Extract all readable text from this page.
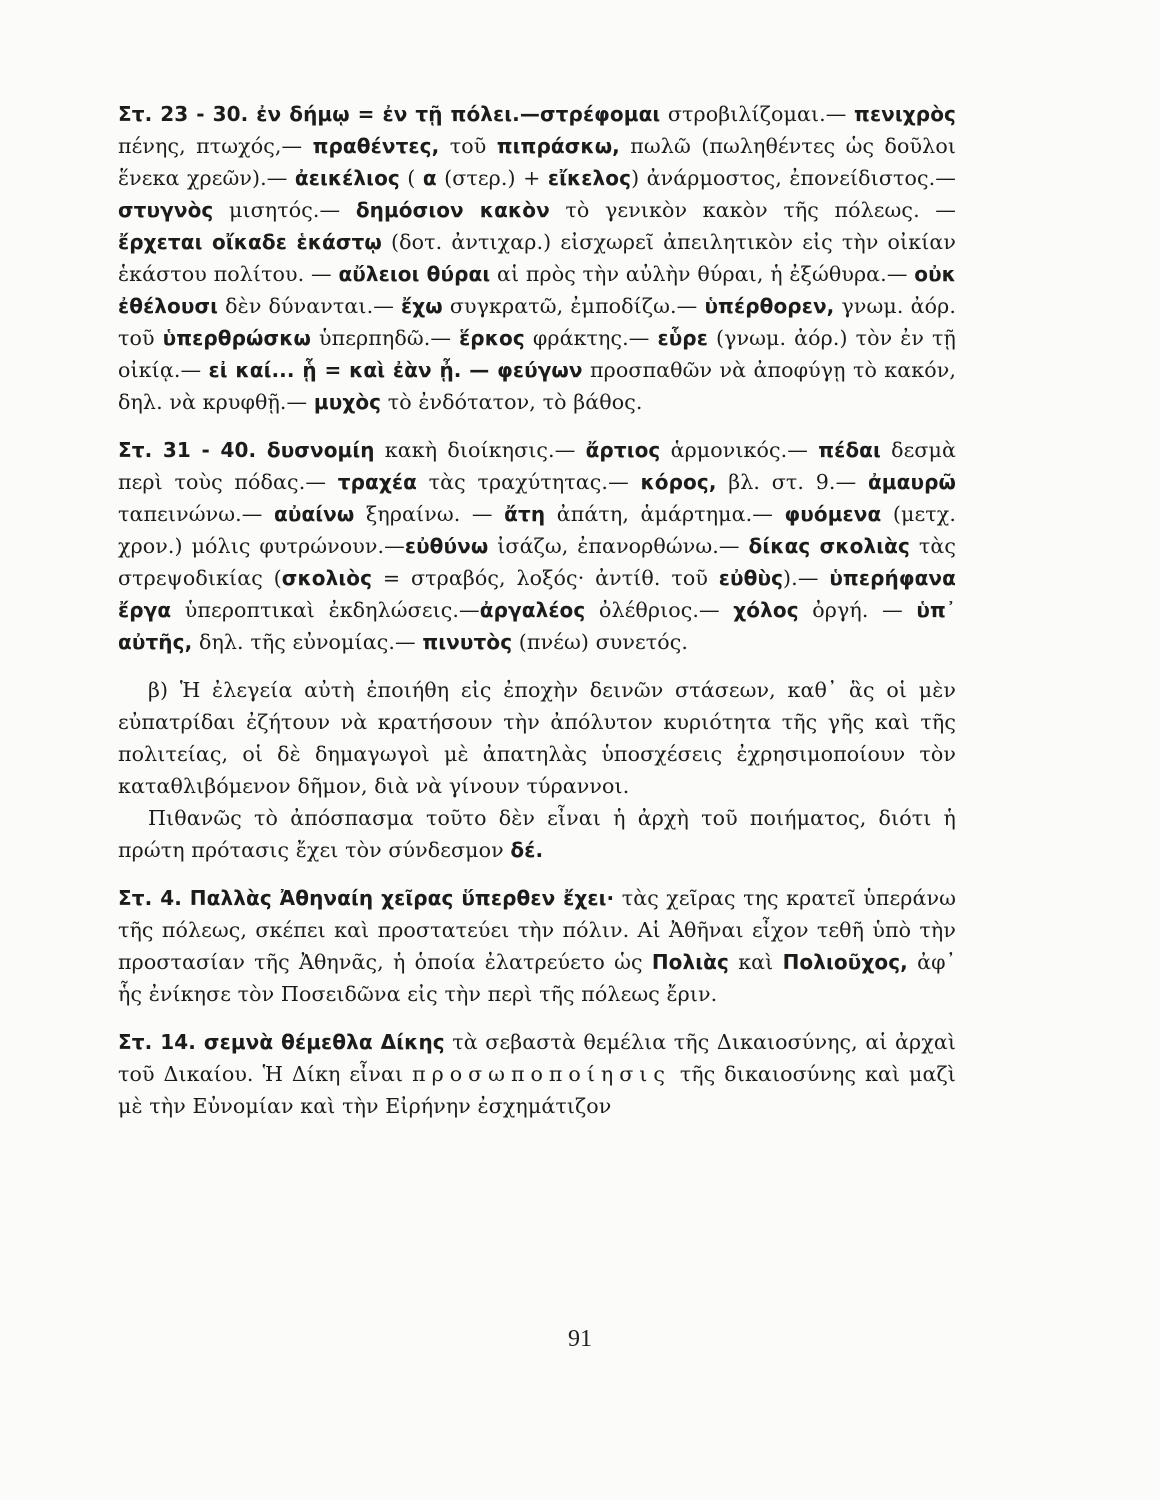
Στ. 23 - 30. ἐν δήμῳ = ἐν τῇ πόλει.—στρέφομαι στροβιλίζομαι.— πενιχρὸς πένης, πτωχός,— πραθέντες, τοῦ πιπράσκω, πωλῶ (πωληθέντες ὡς δοῦλοι ἕνεκα χρεῶν).— ἀεικέλιος ( α (στερ.) + εἴκελος) ἀνάρμοστος, ἐπονείδιστος.— στυγνὸς μισητός.— δημόσιον κακὸν τὸ γενικὸν κακὸν τῆς πόλεως. — ἔρχεται οἴκαδε ἑκάστῳ (δοτ. ἀντιχαρ.) εἰσχωρεῖ ἀπειλητικὸν εἰς τὴν οἰκίαν ἑκάστου πολίτου. — αὔλειοι θύραι αἱ πρὸς τὴν αὐλὴν θύραι, ἡ ἐξώθυρα.— οὐκ ἐθέλουσι δὲν δύνανται.— ἔχω συγκρατῶ, ἐμποδίζω.— ὑπέρθορεν, γνωμ. ἀόρ. τοῦ ὑπερθρώσκω ὑπερπηδῶ.— ἕρκος φράκτης.— εὗρε (γνωμ. ἀόρ.) τὸν ἐν τῇ οἰκίᾳ.— εἰ καί... ᾗ = καὶ ἐὰν ᾖ. — φεύγων προσπαθῶν νὰ ἀποφύγῃ τὸ κακόν, δηλ. νὰ κρυφθῇ.— μυχὸς τὸ ἐνδότατον, τὸ βάθος.

Στ. 31 - 40. δυσνομίη κακὴ διοίκησις.— ἄρτιος ἁρμονικός.— πέδαι δεσμὰ περὶ τοὺς πόδας.— τραχέα τὰς τραχύτητας.— κόρος, βλ. στ. 9.— ἀμαυρῶ ταπεινώνω.— αὐαίνω ξηραίνω. — ἄτη ἀπάτη, ἁμάρτημα.— φυόμενα (μετχ. χρον.) μόλις φυτρώνουν.—εὐθύνω ἰσάζω, ἐπανορθώνω.— δίκας σκολιὰς τὰς στρεψοδικίας (σκολιὸς = στραβός, λοξός· ἀντίθ. τοῦ εὐθὺς).— ὑπερήφανα ἔργα ὑπεροπτικαὶ ἐκδηλώσεις.—ἀργαλέος ὀλέθριος.— χόλος ὀργή. — ὑπ᾽ αὐτῆς, δηλ. τῆς εὐνομίας.— πινυτὸς (πνέω) συνετός.

β) Ἡ ἐλεγεία αὐτὴ ἐποιήθη εἰς ἐποχὴν δεινῶν στάσεων, καθ᾽ ἃς οἱ μὲν εὐπατρίδαι ἐζήτουν νὰ κρατήσουν τὴν ἀπόλυτον κυριότητα τῆς γῆς καὶ τῆς πολιτείας, οἱ δὲ δημαγωγοὶ μὲ ἀπατηλὰς ὑποσχέσεις ἐχρησιμοποίουν τὸν καταθλιβόμενον δῆμον, διὰ νὰ γίνουν τύραννοι.

Πιθανῶς τὸ ἀπόσπασμα τοῦτο δὲν εἶναι ἡ ἀρχὴ τοῦ ποιήματος, διότι ἡ πρώτη πρότασις ἔχει τὸν σύνδεσμον δέ.

Στ. 4. Παλλὰς Ἀθηναίη χεῖρας ὕπερθεν ἔχει· τὰς χεῖρας της κρατεῖ ὑπεράνω τῆς πόλεως, σκέπει καὶ προστατεύει τὴν πόλιν. Αἱ Ἀθῆναι εἶχον τεθῆ ὑπὸ τὴν προστασίαν τῆς Ἀθηνᾶς, ἡ ὁποία ἐλατρεύετο ὡς Πολιὰς καὶ Πολιοῦχος, ἀφ᾽ ἧς ἐνίκησε τὸν Ποσειδῶνα εἰς τὴν περὶ τῆς πόλεως ἔριν.

Στ. 14. σεμνὰ θέμεθλα Δίκης τὰ σεβαστὰ θεμέλια τῆς Δικαιοσύνης, αἱ ἀρχαὶ τοῦ Δικαίου. Ἡ Δίκη εἶναι προσωποποίησις τῆς δικαιοσύνης καὶ μαζὶ μὲ τὴν Εὐνομίαν καὶ τὴν Εἰρήνην ἐσχημάτιζον

91
